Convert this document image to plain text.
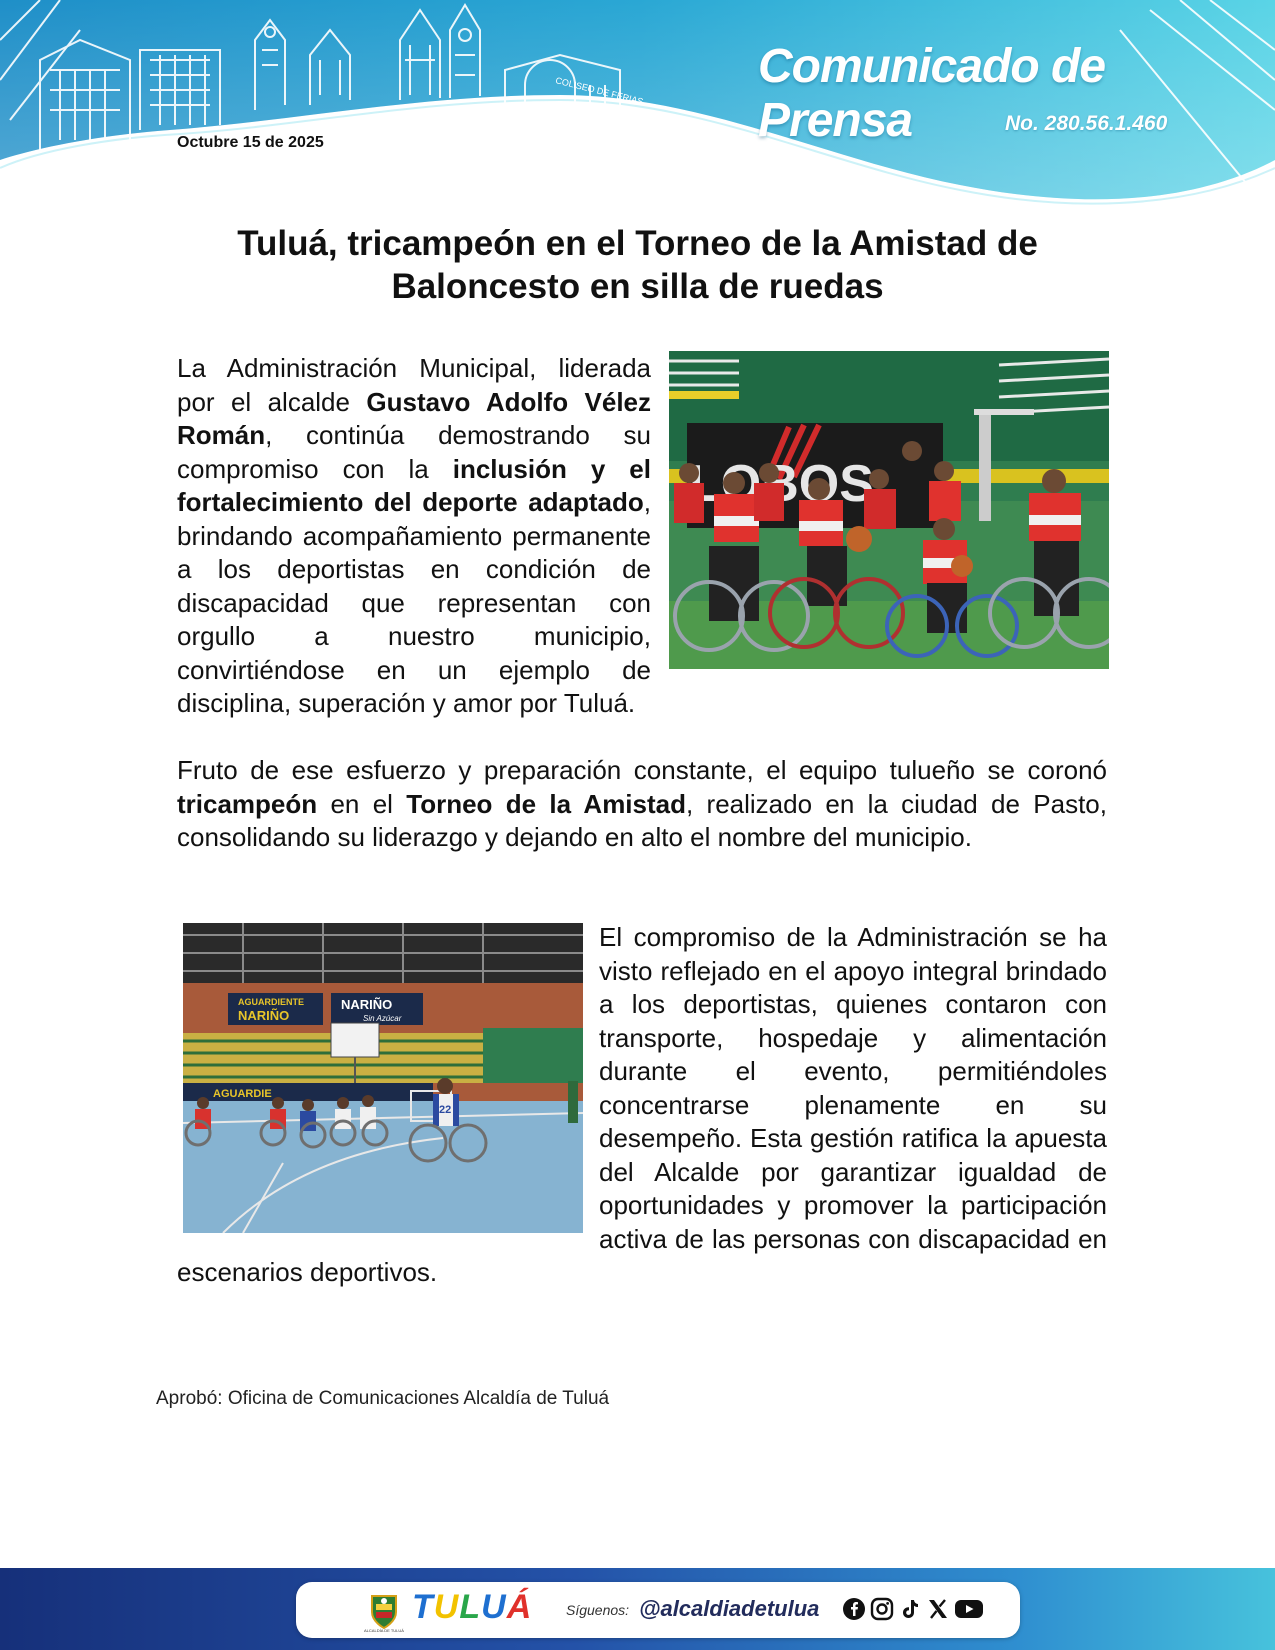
COLISEO DE FERIAS
Octubre 15 de 2025
Comunicado de
Prensa	No. 280.56.1.460
Tuluá, tricampeón en el Torneo de la Amistad de
Baloncesto en silla de ruedas
La Administración Municipal, liderada por el alcalde Gustavo Adolfo Vélez Román, continúa demostrando su compromiso con la inclusión y el fortalecimiento del deporte adaptado, brindando acompañamiento permanente a los deportistas en condición de discapacidad que representan con orgullo a nuestro municipio, convirtiéndose en un ejemplo de disciplina, superación y amor por Tuluá.
Fruto de ese esfuerzo y preparación constante, el equipo tulueño se coronó tricampeón en el Torneo de la Amistad, realizado en la ciudad de Pasto, consolidando su liderazgo y dejando en alto el nombre del municipio.
AGUARDIENTE
NARIÑO
NARIÑO
Sin Azúcar
AGUARDIE
22
El compromiso de la Administración se ha visto reflejado en el apoyo integral brindado a los deportistas, quienes contaron con transporte, hospedaje y alimentación durante el evento, permitiéndoles concentrarse plenamente en su desempeño. Esta gestión ratifica la apuesta del Alcalde por garantizar igualdad de oportunidades y promover la participación activa de las personas con discapacidad en escenarios deportivos.
Aprobó: Oficina de Comunicaciones Alcaldía de Tuluá
ALCALDÍA DE TULUÁ
TULUÁ Síguenos: @alcaldiadetulua
